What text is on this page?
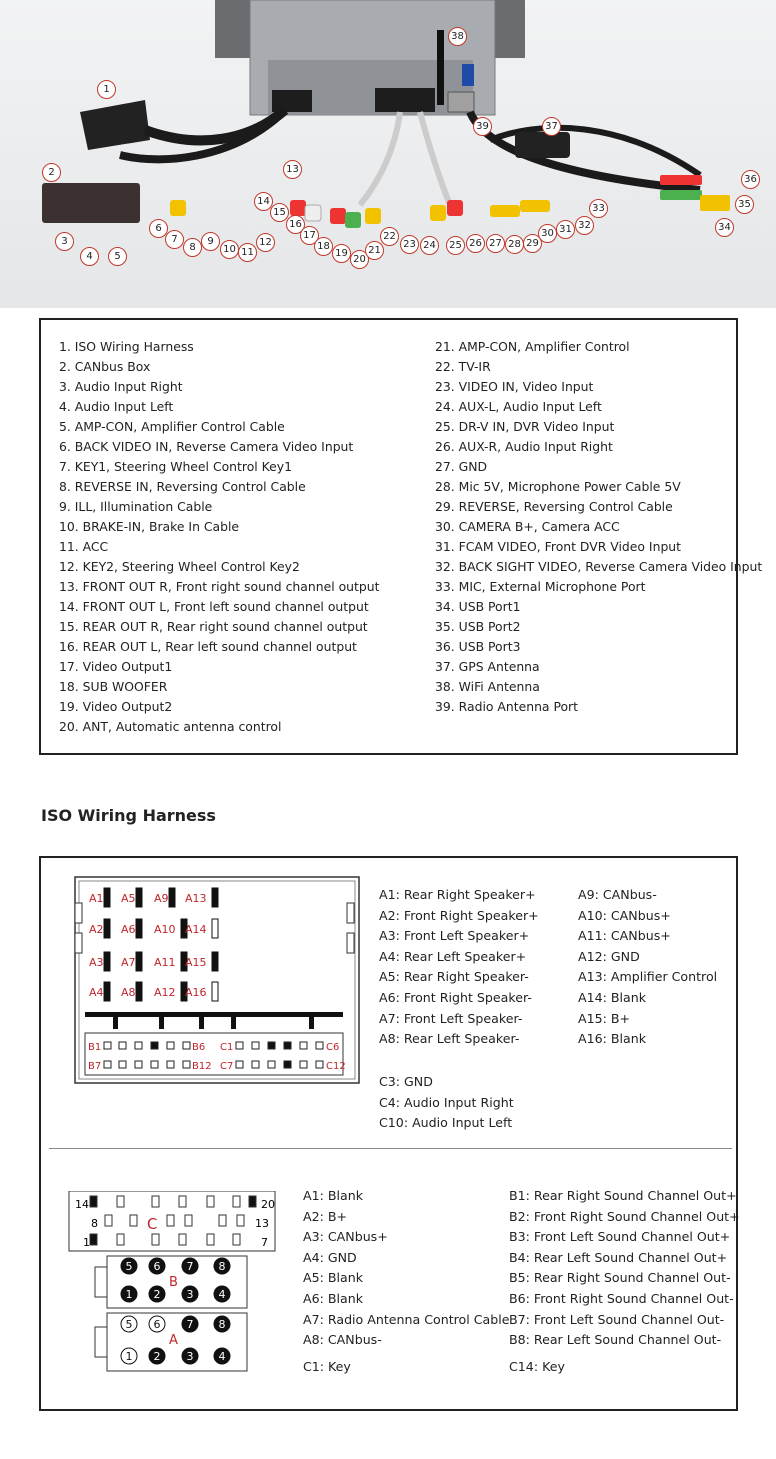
1
2
3
4	5
6
7
8
9
10 11
12
13
14
15
16
17
18
19
20
21
22
23 24	25 26 27 28 29
30 31 32
33
34
35
36
37
38
39
1. ISO Wiring Harness
2. CANbus Box
3. Audio Input Right
4. Audio Input Left
5. AMP-CON, Amplifier Control Cable
6. BACK VIDEO IN, Reverse Camera Video Input
7. KEY1, Steering Wheel Control Key1
8. REVERSE IN, Reversing Control Cable
9. ILL, Illumination Cable
10. BRAKE-IN, Brake In Cable
11. ACC
12. KEY2, Steering Wheel Control Key2
13. FRONT OUT R, Front right sound channel output
14. FRONT OUT L, Front left sound channel output
15. REAR OUT R, Rear right sound channel output
16. REAR OUT L, Rear left sound channel output
17. Video Output1
18. SUB WOOFER
19. Video Output2
20. ANT, Automatic antenna control
21. AMP-CON, Amplifier Control
22. TV-IR
23. VIDEO IN, Video Input
24. AUX-L, Audio Input Left
25. DR-V IN, DVR Video Input
26. AUX-R, Audio Input Right
27. GND
28. Mic 5V, Microphone Power Cable 5V
29. REVERSE, Reversing Control Cable
30. CAMERA B+, Camera ACC
31. FCAM VIDEO, Front DVR Video Input
32. BACK SIGHT VIDEO, Reverse Camera Video Input
33. MIC, External Microphone Port
34. USB Port1
35. USB Port2
36. USB Port3
37. GPS Antenna
38. WiFi Antenna
39. Radio Antenna Port
ISO Wiring Harness
A1
A2
A3
A4
A5
A6
A7
A8
A9
A10
A11
A12
A13
A14
A15
A16
B1	B6 C1	C6
B7	B12 C7	C12
A1: Rear Right Speaker+
A2: Front Right Speaker+
A3: Front Left Speaker+
A4: Rear Left Speaker+
A5: Rear Right Speaker-
A6: Front Right Speaker-
A7: Front Left Speaker-
A8: Rear Left Speaker-
A9: CANbus-
A10: CANbus+
A11: CANbus+
A12: GND
A13: Amplifier Control
A14: Blank
A15: B+
A16: Blank
C3: GND
C4: Audio Input Right
C10: Audio Input Left
14
8
1
20
13
7
C
B
A
5 6 7 8
1 2 3 4
5 6 7 8
1 2 3 4
A1: Blank
A2: B+
A3: CANbus+
A4: GND
A5: Blank
A6: Blank
A7: Radio Antenna Control Cable
A8: CANbus-
B1: Rear Right Sound Channel Out+
B2: Front Right Sound Channel Out+
B3: Front Left Sound Channel Out+
B4: Rear Left Sound Channel Out+
B5: Rear Right Sound Channel Out-
B6: Front Right Sound Channel Out-
B7: Front Left Sound Channel Out-
B8: Rear Left Sound Channel Out-
C1: Key	C14: Key
